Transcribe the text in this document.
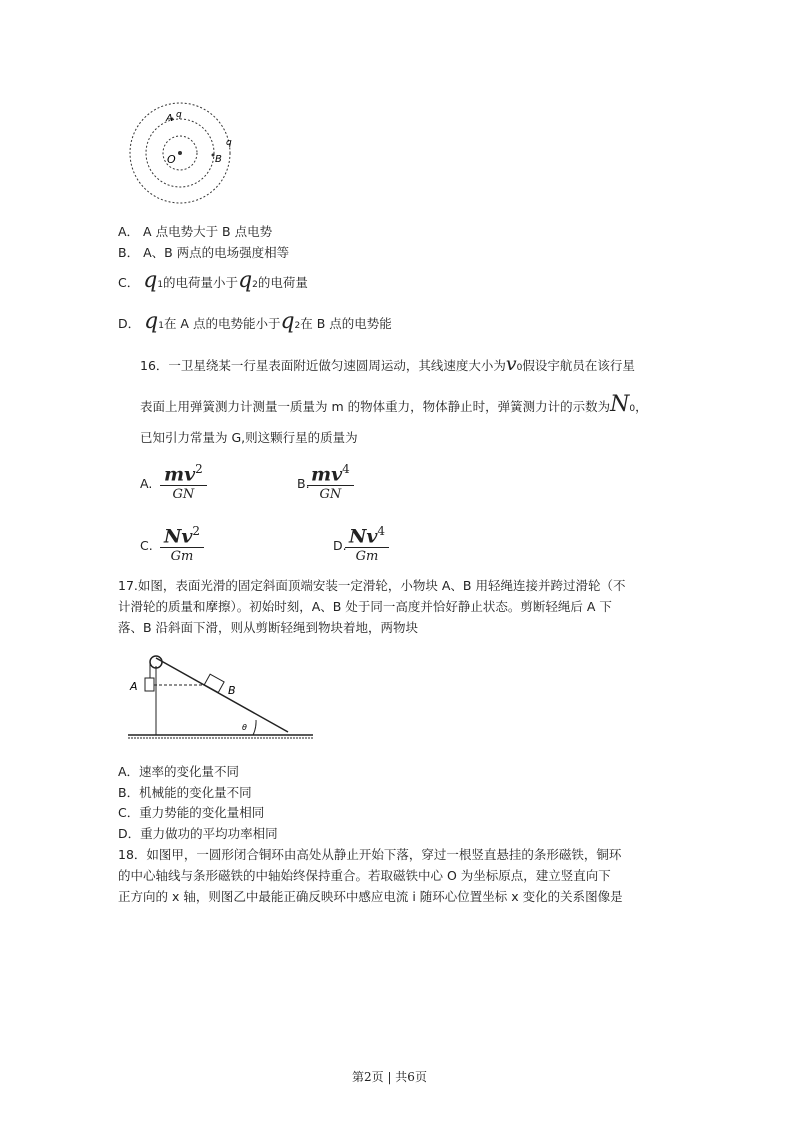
A q
q
B
O
A． A 点电势大于 B 点电势
B． A、B 两点的电场强度相等
C． q1的电荷量小于q2的电荷量
D． q1在 A 点的电势能小于q2在 B 点的电势能
16．一卫星绕某一行星表面附近做匀速圆周运动，其线速度大小为v0假设宇航员在该行星
表面上用弹簧测力计测量一质量为 m 的物体重力，物体静止时，弹簧测力计的示数为N0，
已知引力常量为 G,则这颗行星的质量为
A. $mv^2$
GN
B. $mv^4$
GN
C. Nv$^2$
Gm
D. Nv$^4$
Gm
17.如图，表面光滑的固定斜面顶端安装一定滑轮，小物块 A、B 用轻绳连接并跨过滑轮（不
计滑轮的质量和摩擦）。初始时刻，A、B 处于同一高度并恰好静止状态。剪断轻绳后 A 下
落、B 沿斜面下滑，则从剪断轻绳到物块着地，两物块
A	B
θ
A．速率的变化量不同
B．机械能的变化量不同
C．重力势能的变化量相同
D．重力做功的平均功率相同
18．如图甲，一圆形闭合铜环由高处从静止开始下落，穿过一根竖直悬挂的条形磁铁，铜环
的中心轴线与条形磁铁的中轴始终保持重合。若取磁铁中心 O 为坐标原点，建立竖直向下
正方向的 x 轴，则图乙中最能正确反映环中感应电流 i 随环心位置坐标 x 变化的关系图像是
第2页 | 共6页
